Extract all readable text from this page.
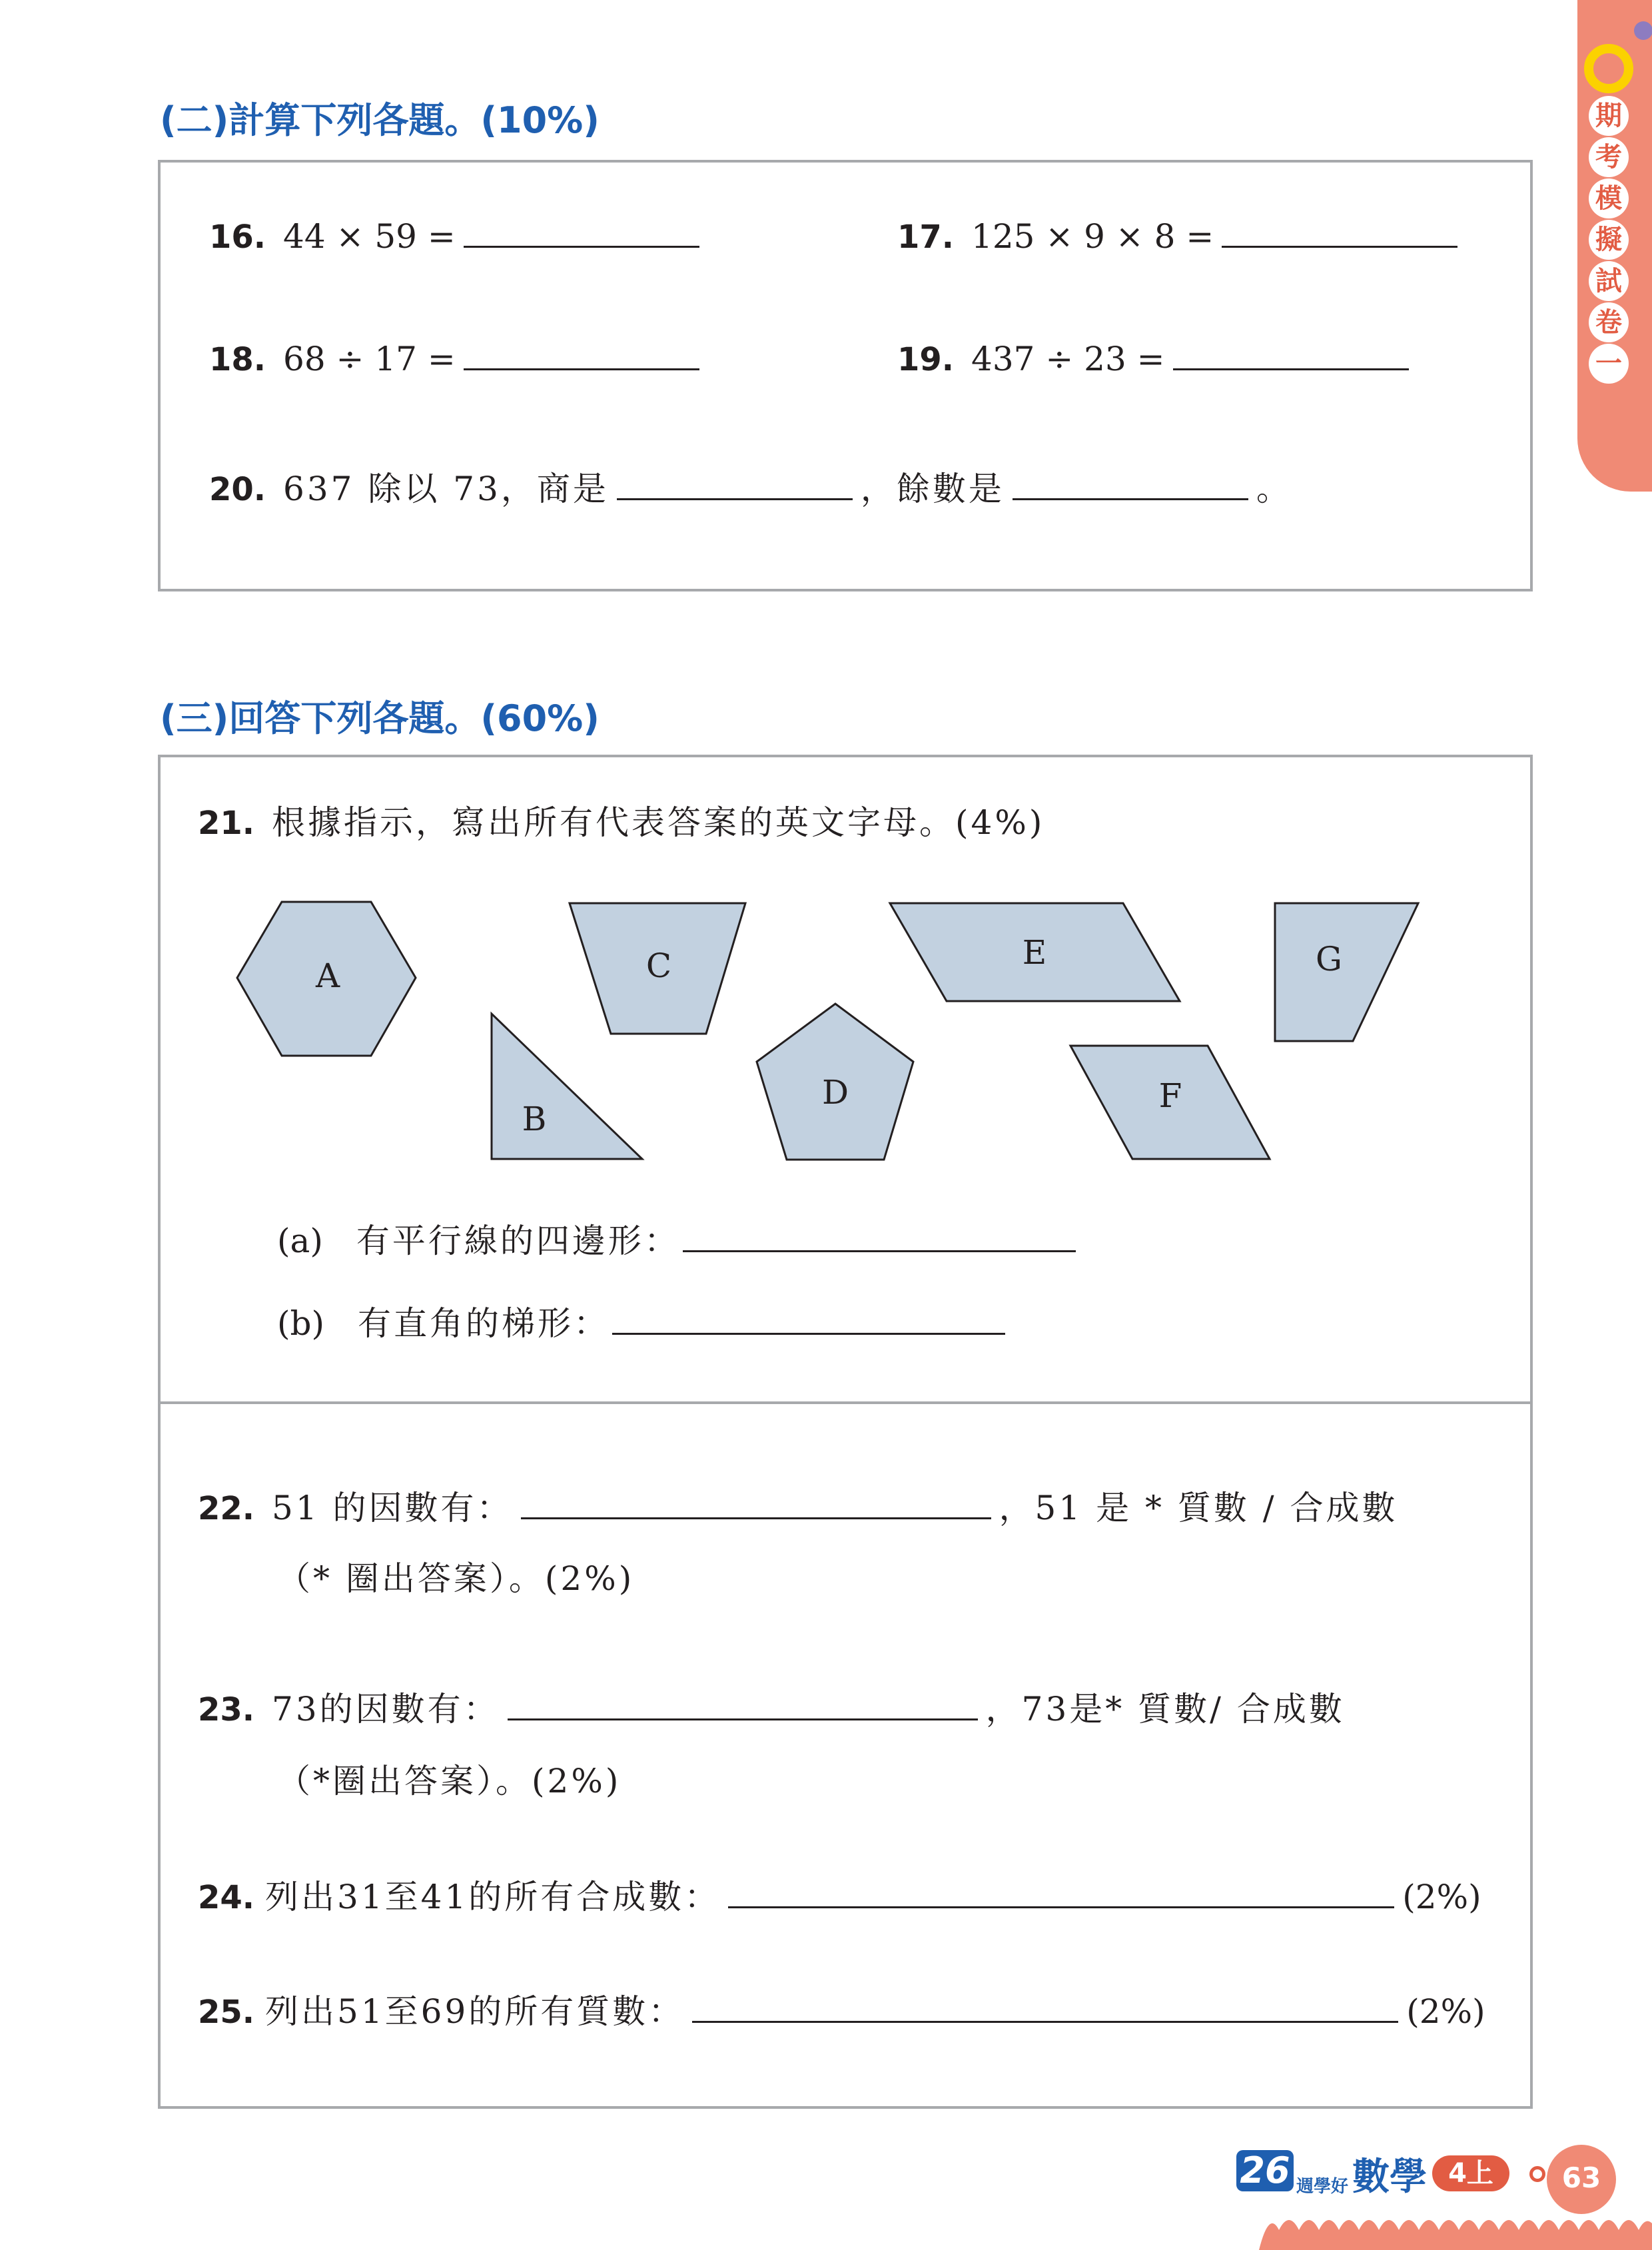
期
考
模
擬
試
卷
一
(二)計算下列各題。(10%)
16. 44 × 59 =	17. 125 × 9 × 8 =
18. 68 ÷ 17 =	19. 437 ÷ 23 =
20. 637 除以 73，商是	，餘數是	。
(三)回答下列各題。(60%)
21. 根據指示，寫出所有代表答案的英文字母。(4%)
A
B
C
D
E
F
G
(a) 有平行線的四邊形：
(b) 有直角的梯形：
22. 51 的因數有：	，51 是 * 質數 / 合成數
（* 圈出答案）。(2%)
23. 73的因數有：	，73是* 質數/ 合成數
（*圈出答案）。(2%)
24. 列出31至41的所有合成數：	(2%)
25. 列出51至69的所有質數：	(2%)
26 週學好 數學 4上	63
